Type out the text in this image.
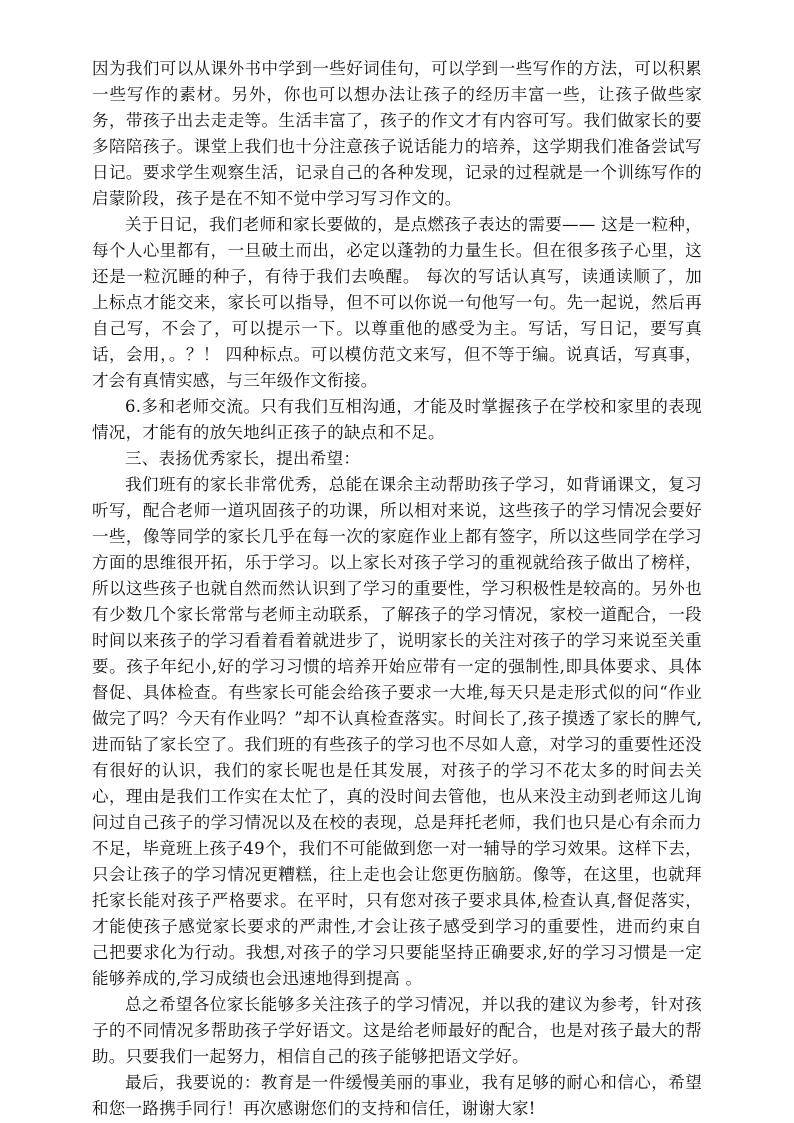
因为我们可以从课外书中学到一些好词佳句，可以学到一些写作的方法，可以积累一些写作的素材。另外，你也可以想办法让孩子的经历丰富一些，让孩子做些家务，带孩子出去走走等。生活丰富了，孩子的作文才有内容可写。我们做家长的要多陪陪孩子。课堂上我们也十分注意孩子说话能力的培养，这学期我们准备尝试写日记。要求学生观察生活，记录自己的各种发现，记录的过程就是一个训练写作的启蒙阶段，孩子是在不知不觉中学习写习作文的。

关于日记，我们老师和家长要做的，是点燃孩子表达的需要—— 这是一粒种，每个人心里都有，一旦破土而出，必定以蓬勃的力量生长。但在很多孩子心里，这还是一粒沉睡的种子，有待于我们去唤醒。 每次的写话认真写，读通读顺了，加上标点才能交来，家长可以指导，但不可以你说一句他写一句。先一起说，然后再自己写，不会了，可以提示一下。以尊重他的感受为主。写话，写日记，要写真话，会用，。？！ 四种标点。可以模仿范文来写，但不等于编。说真话，写真事，才会有真情实感，与三年级作文衔接。

6.多和老师交流。只有我们互相沟通，才能及时掌握孩子在学校和家里的表现情况，才能有的放矢地纠正孩子的缺点和不足。

三、表扬优秀家长，提出希望：

我们班有的家长非常优秀，总能在课余主动帮助孩子学习，如背诵课文，复习听写，配合老师一道巩固孩子的功课，所以相对来说，这些孩子的学习情况会要好一些，像等同学的家长几乎在每一次的家庭作业上都有签字，所以这些同学在学习方面的思维很开拓，乐于学习。以上家长对孩子学习的重视就给孩子做出了榜样，所以这些孩子也就自然而然认识到了学习的重要性，学习积极性是较高的。另外也有少数几个家长常常与老师主动联系，了解孩子的学习情况，家校一道配合，一段时间以来孩子的学习看着看着就进步了，说明家长的关注对孩子的学习来说至关重要。孩子年纪小,好的学习习惯的培养开始应带有一定的强制性,即具体要求、具体督促、具体检查。有些家长可能会给孩子要求一大堆,每天只是走形式似的问“作业做完了吗？今天有作业吗？”却不认真检查落实。时间长了,孩子摸透了家长的脾气,进而钻了家长空了。我们班的有些孩子的学习也不尽如人意，对学习的重要性还没有很好的认识，我们的家长呢也是任其发展，对孩子的学习不花太多的时间去关心，理由是我们工作实在太忙了，真的没时间去管他，也从来没主动到老师这儿询问过自己孩子的学习情况以及在校的表现，总是拜托老师，我们也只是心有余而力不足，毕竟班上孩子49个，我们不可能做到您一对一辅导的学习效果。这样下去，只会让孩子的学习情况更糟糕，往上走也会让您更伤脑筋。像等，在这里，也就拜托家长能对孩子严格要求。在平时，只有您对孩子要求具体,检查认真,督促落实，才能使孩子感觉家长要求的严肃性,才会让孩子感受到学习的重要性，进而约束自己把要求化为行动。我想,对孩子的学习只要能坚持正确要求,好的学习习惯是一定能够养成的,学习成绩也会迅速地得到提高 。

总之希望各位家长能够多关注孩子的学习情况，并以我的建议为参考，针对孩子的不同情况多帮助孩子学好语文。这是给老师最好的配合，也是对孩子最大的帮助。只要我们一起努力，相信自己的孩子能够把语文学好。

最后，我要说的：教育是一件缓慢美丽的事业，我有足够的耐心和信心，希望和您一路携手同行！再次感谢您们的支持和信任，谢谢大家!
